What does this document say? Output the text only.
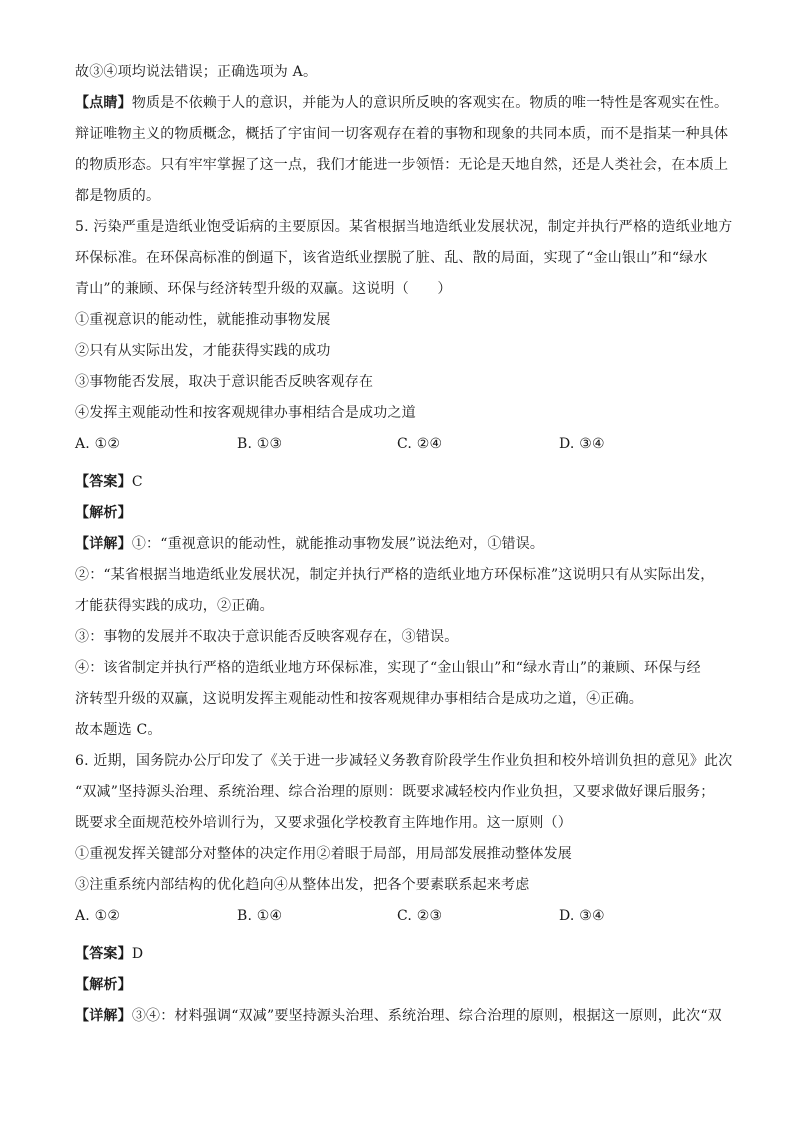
故③④项均说法错误；正确选项为 A。
【点睛】物质是不依赖于人的意识，并能为人的意识所反映的客观实在。物质的唯一特性是客观实在性。
辩证唯物主义的物质概念，概括了宇宙间一切客观存在着的事物和现象的共同本质，而不是指某一种具体
的物质形态。只有牢牢掌握了这一点，我们才能进一步领悟：无论是天地自然，还是人类社会，在本质上
都是物质的。
5. 污染严重是造纸业饱受诟病的主要原因。某省根据当地造纸业发展状况，制定并执行严格的造纸业地方
环保标准。在环保高标准的倒逼下，该省造纸业摆脱了脏、乱、散的局面，实现了“金山银山”和“绿水
青山”的兼顾、环保与经济转型升级的双赢。这说明（　　）
①重视意识的能动性，就能推动事物发展
②只有从实际出发，才能获得实践的成功
③事物能否发展，取决于意识能否反映客观存在
④发挥主观能动性和按客观规律办事相结合是成功之道
A. ①②	B. ①③	C. ②④	D. ③④
【答案】C
【解析】
【详解】①：“重视意识的能动性，就能推动事物发展”说法绝对，①错误。
②：“某省根据当地造纸业发展状况，制定并执行严格的造纸业地方环保标准”这说明只有从实际出发，
才能获得实践的成功，②正确。
③：事物的发展并不取决于意识能否反映客观存在，③错误。
④：该省制定并执行严格的造纸业地方环保标准，实现了“金山银山”和“绿水青山”的兼顾、环保与经
济转型升级的双赢，这说明发挥主观能动性和按客观规律办事相结合是成功之道，④正确。
故本题选 C。
6. 近期，国务院办公厅印发了《关于进一步减轻义务教育阶段学生作业负担和校外培训负担的意见》此次
“双减”坚持源头治理、系统治理、综合治理的原则：既要求减轻校内作业负担，又要求做好课后服务；
既要求全面规范校外培训行为，又要求强化学校教育主阵地作用。这一原则（）
①重视发挥关键部分对整体的决定作用②着眼于局部，用局部发展推动整体发展
③注重系统内部结构的优化趋向④从整体出发，把各个要素联系起来考虑
A. ①②	B. ①④	C. ②③	D. ③④
【答案】D
【解析】
【详解】③④：材料强调“双减”要坚持源头治理、系统治理、综合治理的原则，根据这一原则，此次“双
